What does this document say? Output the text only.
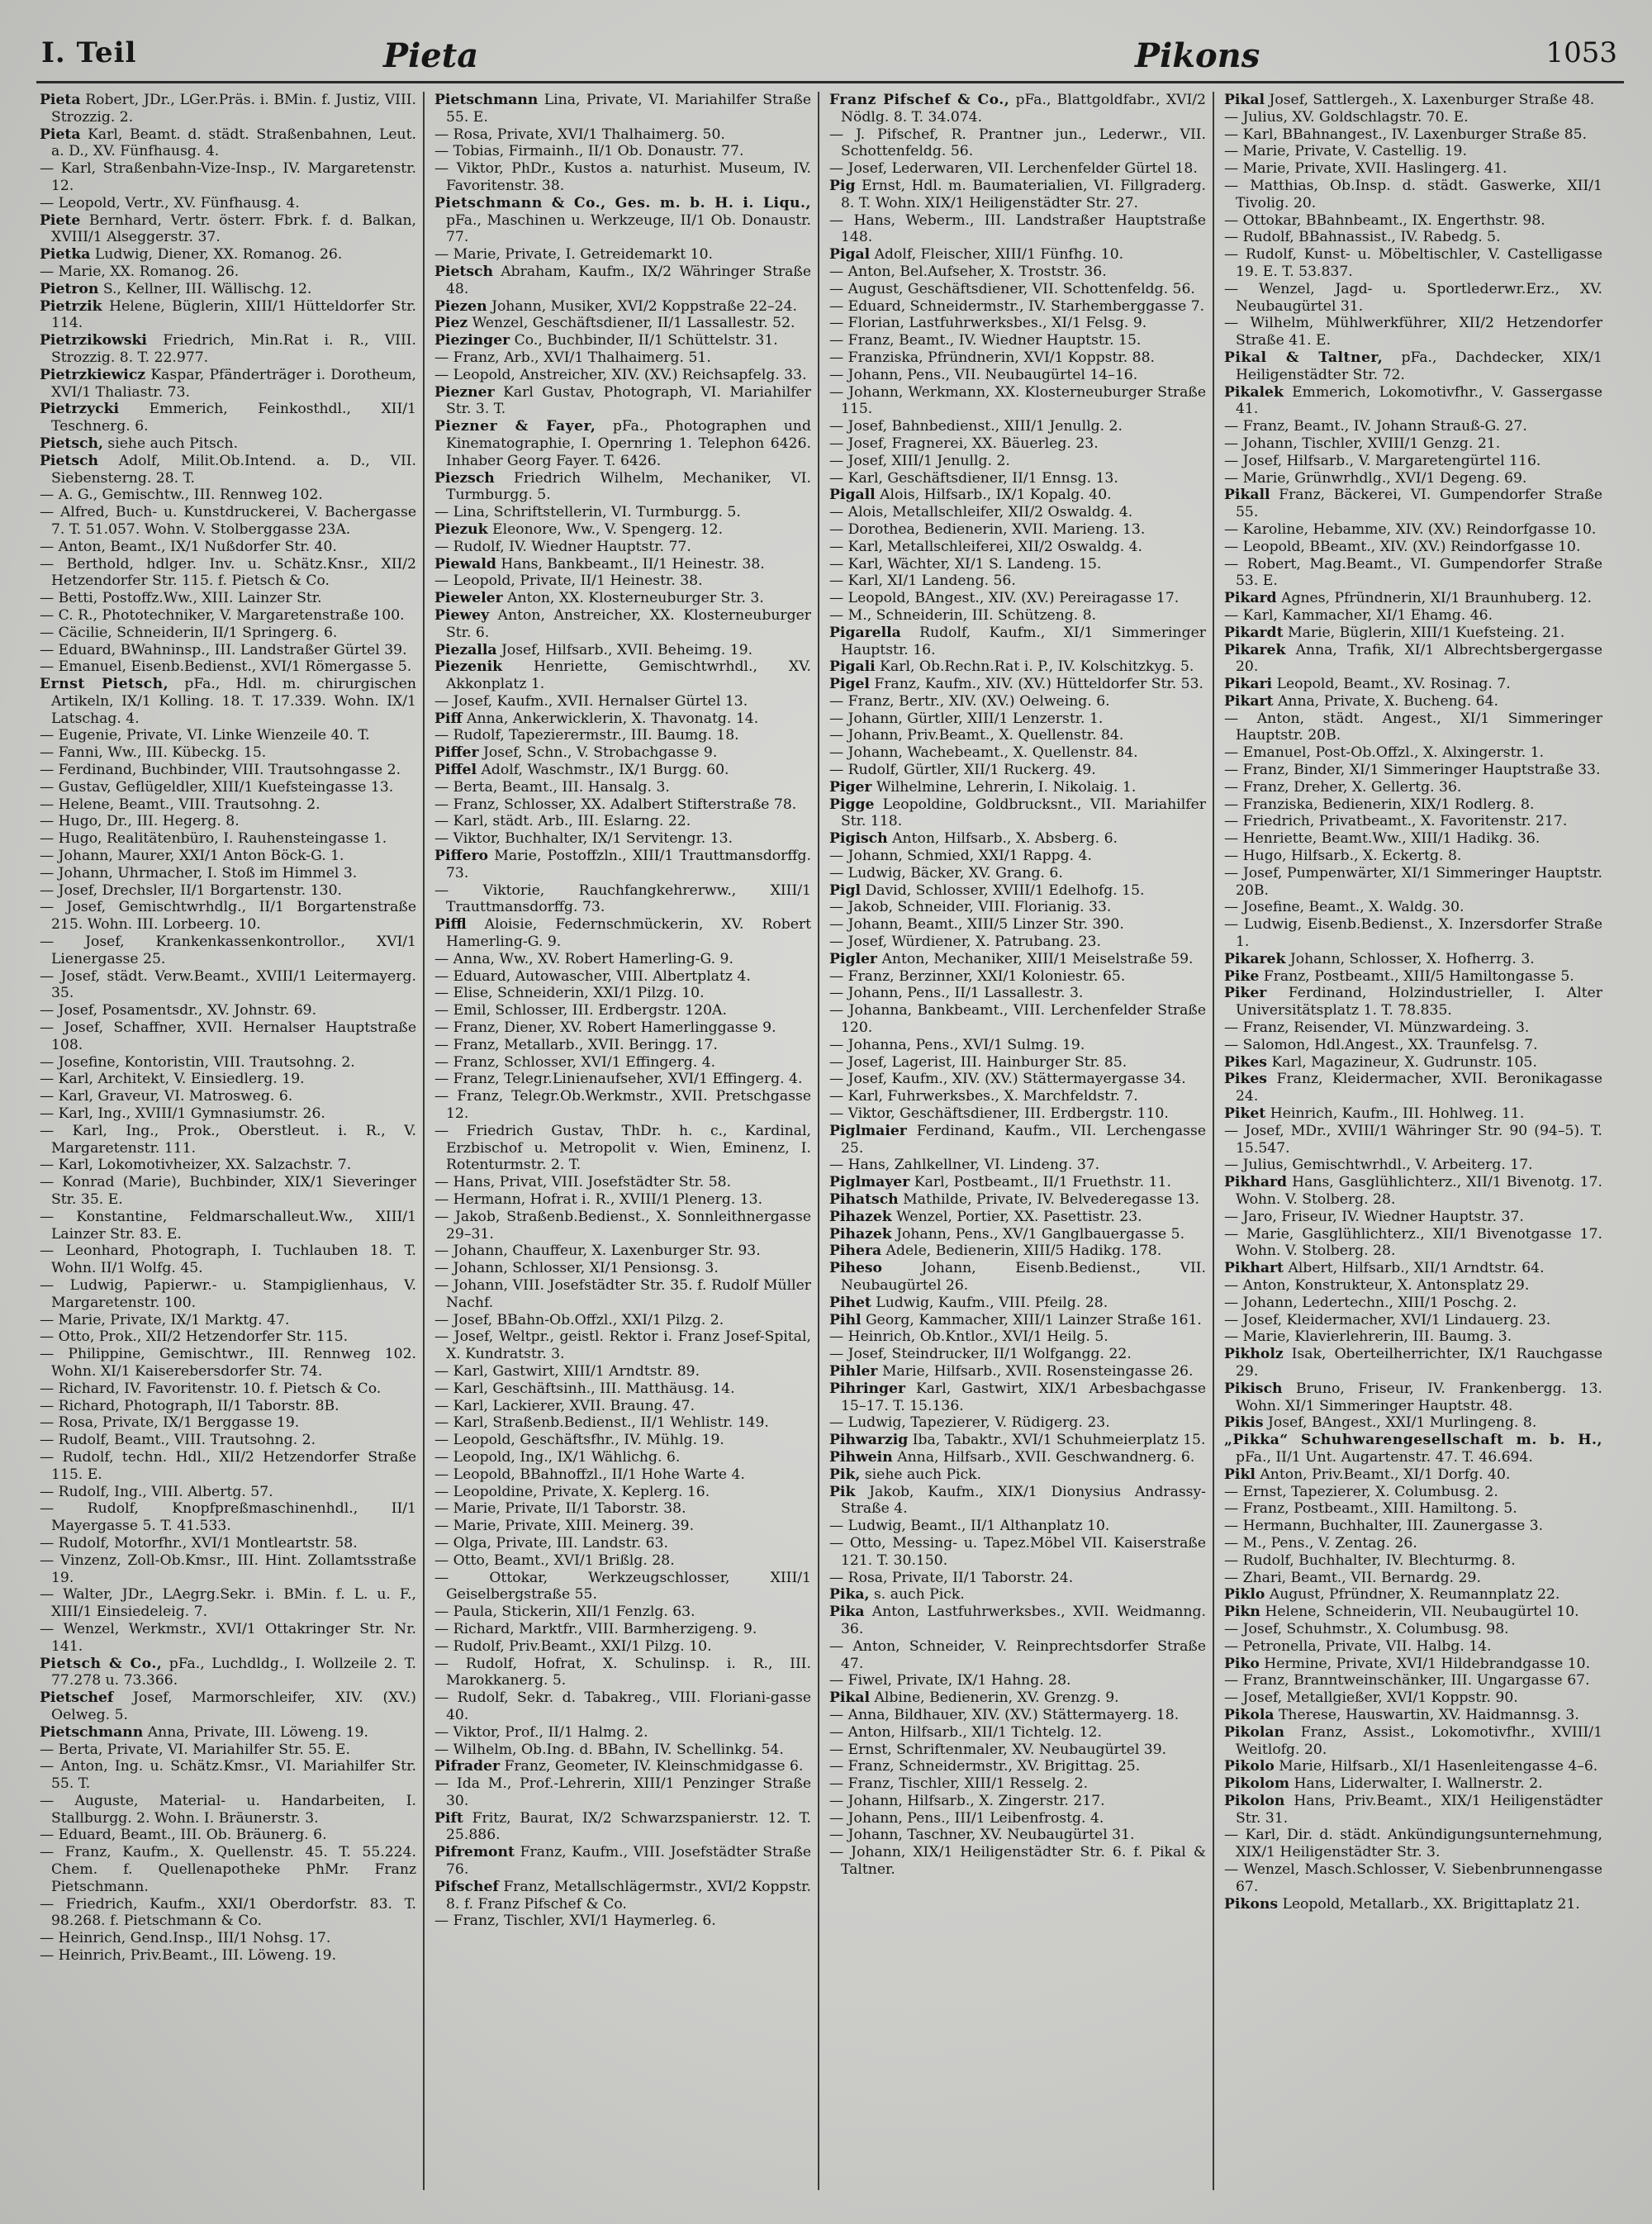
I. Teil	Pieta	Pikons	1053

Pieta Robert, JDr., LGer.Präs. i. BMin. f. Justiz, VIII. Strozzig. 2.

Pieta Karl, Beamt. d. städt. Straßenbahnen, Leut. a. D., XV. Fünfhausg. 4.

— Karl, Straßenbahn-Vize-Insp., IV. Margaretenstr. 12.

— Leopold, Vertr., XV. Fünfhausg. 4.

Piete Bernhard, Vertr. österr. Fbrk. f. d. Balkan, XVIII/1 Alseggerstr. 37.

Pietka Ludwig, Diener, XX. Romanog. 26.

— Marie, XX. Romanog. 26.

Pietron S., Kellner, III. Wällischg. 12.

Pietrzik Helene, Büglerin, XIII/1 Hütteldorfer Str. 114.

Pietrzikowski Friedrich, Min.Rat i. R., VIII. Strozzig. 8. T. 22.977.

Pietrzkiewicz Kaspar, Pfänderträger i. Dorotheum, XVI/1 Thaliastr. 73.

Pietrzycki Emmerich, Feinkosthdl., XII/1 Teschnerg. 6.

Pietsch, siehe auch Pitsch.

Pietsch Adolf, Milit.Ob.Intend. a. D., VII. Siebensterng. 28. T.

— A. G., Gemischtw., III. Rennweg 102.

— Alfred, Buch- u. Kunstdruckerei, V. Bachergasse 7. T. 51.057. Wohn. V. Stolberggasse 23A.

— Anton, Beamt., IX/1 Nußdorfer Str. 40.

— Berthold, hdlger. Inv. u. Schätz.Knsr., XII/2 Hetzendorfer Str. 115. f. Pietsch & Co.

— Betti, Postoffz.Ww., XIII. Lainzer Str.

— C. R., Phototechniker, V. Margaretenstraße 100.

— Cäcilie, Schneiderin, II/1 Springerg. 6.

— Eduard, BWahninsp., III. Landstraßer Gürtel 39.

— Emanuel, Eisenb.Bedienst., XVI/1 Römergasse 5.

Ernst Pietsch, pFa., Hdl. m. chirurgischen Artikeln, IX/1 Kolling. 18. T. 17.339. Wohn. IX/1 Latschag. 4.

— Eugenie, Private, VI. Linke Wienzeile 40. T.

— Fanni, Ww., III. Kübeckg. 15.

— Ferdinand, Buchbinder, VIII. Trautsohngasse 2.

— Gustav, Geflügeldler, XIII/1 Kuefsteingasse 13.

— Helene, Beamt., VIII. Trautsohng. 2.

— Hugo, Dr., III. Hegerg. 8.

— Hugo, Realitätenbüro, I. Rauhensteingasse 1.

— Johann, Maurer, XXI/1 Anton Böck-G. 1.

— Johann, Uhrmacher, I. Stoß im Himmel 3.

— Josef, Drechsler, II/1 Borgartenstr. 130.

— Josef, Gemischtwrhdlg., II/1 Borgartenstraße 215. Wohn. III. Lorbeerg. 10.

— Josef, Krankenkassenkontrollor., XVI/1 Lienergasse 25.

— Josef, städt. Verw.Beamt., XVIII/1 Leitermayerg. 35.

— Josef, Posamentsdr., XV. Johnstr. 69.

— Josef, Schaffner, XVII. Hernalser Hauptstraße 108.

— Josefine, Kontoristin, VIII. Trautsohng. 2.

— Karl, Architekt, V. Einsiedlerg. 19.

— Karl, Graveur, VI. Matrosweg. 6.

— Karl, Ing., XVIII/1 Gymnasiumstr. 26.

— Karl, Ing., Prok., Oberstleut. i. R., V. Margaretenstr. 111.

— Karl, Lokomotivheizer, XX. Salzachstr. 7.

— Konrad (Marie), Buchbinder, XIX/1 Sieveringer Str. 35. E.

— Konstantine, Feldmarschalleut.Ww., XIII/1 Lainzer Str. 83. E.

— Leonhard, Photograph, I. Tuchlauben 18. T. Wohn. II/1 Wolfg. 45.

— Ludwig, Papierwr.- u. Stampiglienhaus, V. Margaretenstr. 100.

— Marie, Private, IX/1 Marktg. 47.

— Otto, Prok., XII/2 Hetzendorfer Str. 115.

— Philippine, Gemischtwr., III. Rennweg 102. Wohn. XI/1 Kaiserebersdorfer Str. 74.

— Richard, IV. Favoritenstr. 10. f. Pietsch & Co.

— Richard, Photograph, II/1 Taborstr. 8B.

— Rosa, Private, IX/1 Berggasse 19.

— Rudolf, Beamt., VIII. Trautsohng. 2.

— Rudolf, techn. Hdl., XII/2 Hetzendorfer Straße 115. E.

— Rudolf, Ing., VIII. Albertg. 57.

— Rudolf, Knopfpreßmaschinenhdl., II/1 Mayergasse 5. T. 41.533.

— Rudolf, Motorfhr., XVI/1 Montleartstr. 58.

— Vinzenz, Zoll-Ob.Kmsr., III. Hint. Zollamtsstraße 19.

— Walter, JDr., LAegrg.Sekr. i. BMin. f. L. u. F., XIII/1 Einsiedeleig. 7.

— Wenzel, Werkmstr., XVI/1 Ottakringer Str. Nr. 141.

Pietsch & Co., pFa., Luchdldg., I. Wollzeile 2. T. 77.278 u. 73.366.

Pietschef Josef, Marmorschleifer, XIV. (XV.) Oelweg. 5.

Pietschmann Anna, Private, III. Löweng. 19.

— Berta, Private, VI. Mariahilfer Str. 55. E.

— Anton, Ing. u. Schätz.Kmsr., VI. Mariahilfer Str. 55. T.

— Auguste, Material- u. Handarbeiten, I. Stallburgg. 2. Wohn. I. Bräunerstr. 3.

— Eduard, Beamt., III. Ob. Bräunerg. 6.

— Franz, Kaufm., X. Quellenstr. 45. T. 55.224. Chem. f. Quellenapotheke PhMr. Franz Pietschmann.

— Friedrich, Kaufm., XXI/1 Oberdorfstr. 83. T. 98.268. f. Pietschmann & Co.

— Heinrich, Gend.Insp., III/1 Nohsg. 17.

— Heinrich, Priv.Beamt., III. Löweng. 19.

Pietschmann Lina, Private, VI. Mariahilfer Straße 55. E.

— Rosa, Private, XVI/1 Thalhaimerg. 50.

— Tobias, Firmainh., II/1 Ob. Donaustr. 77.

— Viktor, PhDr., Kustos a. naturhist. Museum, IV. Favoritenstr. 38.

Pietschmann & Co., Ges. m. b. H. i. Liqu., pFa., Maschinen u. Werkzeuge, II/1 Ob. Donaustr. 77.

— Marie, Private, I. Getreidemarkt 10.

Pietsch Abraham, Kaufm., IX/2 Währinger Straße 48.

Piezen Johann, Musiker, XVI/2 Koppstraße 22–24.

Piez Wenzel, Geschäftsdiener, II/1 Lassallestr. 52.

Piezinger Co., Buchbinder, II/1 Schüttelstr. 31.

— Franz, Arb., XVI/1 Thalhaimerg. 51.

— Leopold, Anstreicher, XIV. (XV.) Reichsapfelg. 33.

Piezner Karl Gustav, Photograph, VI. Mariahilfer Str. 3. T.

Piezner & Fayer, pFa., Photographen und Kinematographie, I. Opernring 1. Telephon 6426. Inhaber Georg Fayer. T. 6426.

Piezsch Friedrich Wilhelm, Mechaniker, VI. Turmburgg. 5.

— Lina, Schriftstellerin, VI. Turmburgg. 5.

Piezuk Eleonore, Ww., V. Spengerg. 12.

— Rudolf, IV. Wiedner Hauptstr. 77.

Piewald Hans, Bankbeamt., II/1 Heinestr. 38.

— Leopold, Private, II/1 Heinestr. 38.

Pieweler Anton, XX. Klosterneuburger Str. 3.

Piewey Anton, Anstreicher, XX. Klosterneuburger Str. 6.

Piezalla Josef, Hilfsarb., XVII. Beheimg. 19.

Piezenik Henriette, Gemischtwrhdl., XV. Akkonplatz 1.

— Josef, Kaufm., XVII. Hernalser Gürtel 13.

Piff Anna, Ankerwicklerin, X. Thavonatg. 14.

— Rudolf, Tapezierermstr., III. Baumg. 18.

Piffer Josef, Schn., V. Strobachgasse 9.

Piffel Adolf, Waschmstr., IX/1 Burgg. 60.

— Berta, Beamt., III. Hansalg. 3.

— Franz, Schlosser, XX. Adalbert Stifterstraße 78.

— Karl, städt. Arb., III. Eslarng. 22.

— Viktor, Buchhalter, IX/1 Servitengr. 13.

Piffero Marie, Postoffzln., XIII/1 Trauttmansdorffg. 73.

— Viktorie, Rauchfangkehrerww., XIII/1 Trauttmansdorffg. 73.

Piffl Aloisie, Federnschmückerin, XV. Robert Hamerling-G. 9.

— Anna, Ww., XV. Robert Hamerling-G. 9.

— Eduard, Autowascher, VIII. Albertplatz 4.

— Elise, Schneiderin, XXI/1 Pilzg. 10.

— Emil, Schlosser, III. Erdbergstr. 120A.

— Franz, Diener, XV. Robert Hamerlinggasse 9.

— Franz, Metallarb., XVII. Beringg. 17.

— Franz, Schlosser, XVI/1 Effingerg. 4.

— Franz, Telegr.Linienaufseher, XVI/1 Effingerg. 4.

— Franz, Telegr.Ob.Werkmstr., XVII. Pretschgasse 12.

— Friedrich Gustav, ThDr. h. c., Kardinal, Erzbischof u. Metropolit v. Wien, Eminenz, I. Rotenturmstr. 2. T.

— Hans, Privat, VIII. Josefstädter Str. 58.

— Hermann, Hofrat i. R., XVIII/1 Plenerg. 13.

— Jakob, Straßenb.Bedienst., X. Sonnleithnergasse 29–31.

— Johann, Chauffeur, X. Laxenburger Str. 93.

— Johann, Schlosser, XI/1 Pensionsg. 3.

— Johann, VIII. Josefstädter Str. 35. f. Rudolf Müller Nachf.

— Josef, BBahn-Ob.Offzl., XXI/1 Pilzg. 2.

— Josef, Weltpr., geistl. Rektor i. Franz Josef-Spital, X. Kundratstr. 3.

— Karl, Gastwirt, XIII/1 Arndtstr. 89.

— Karl, Geschäftsinh., III. Matthäusg. 14.

— Karl, Lackierer, XVII. Braung. 47.

— Karl, Straßenb.Bedienst., II/1 Wehlistr. 149.

— Leopold, Geschäftsfhr., IV. Mühlg. 19.

— Leopold, Ing., IX/1 Wählichg. 6.

— Leopold, BBahnoffzl., II/1 Hohe Warte 4.

— Leopoldine, Private, X. Keplerg. 16.

— Marie, Private, II/1 Taborstr. 38.

— Marie, Private, XIII. Meinerg. 39.

— Olga, Private, III. Landstr. 63.

— Otto, Beamt., XVI/1 Brißlg. 28.

— Ottokar, Werkzeugschlosser, XIII/1 Geiselbergstraße 55.

— Paula, Stickerin, XII/1 Fenzlg. 63.

— Richard, Marktfr., VIII. Barmherzigeng. 9.

— Rudolf, Priv.Beamt., XXI/1 Pilzg. 10.

— Rudolf, Hofrat, X. Schulinsp. i. R., III. Marokkanerg. 5.

— Rudolf, Sekr. d. Tabakreg., VIII. Floriani-gasse 40.

— Viktor, Prof., II/1 Halmg. 2.

— Wilhelm, Ob.Ing. d. BBahn, IV. Schellinkg. 54.

Pifrader Franz, Geometer, IV. Kleinschmidgasse 6.

— Ida M., Prof.-Lehrerin, XIII/1 Penzinger Straße 30.

Pift Fritz, Baurat, IX/2 Schwarzspanierstr. 12. T. 25.886.

Pifremont Franz, Kaufm., VIII. Josefstädter Straße 76.

Pifschef Franz, Metallschlägermstr., XVI/2 Koppstr. 8. f. Franz Pifschef & Co.

— Franz, Tischler, XVI/1 Haymerleg. 6.

Franz Pifschef & Co., pFa., Blattgoldfabr., XVI/2 Nödlg. 8. T. 34.074.

— J. Pifschef, R. Prantner jun., Lederwr., VII. Schottenfeldg. 56.

— Josef, Lederwaren, VII. Lerchenfelder Gürtel 18.

Pig Ernst, Hdl. m. Baumaterialien, VI. Fillgraderg. 8. T. Wohn. XIX/1 Heiligenstädter Str. 27.

— Hans, Weberm., III. Landstraßer Hauptstraße 148.

Pigal Adolf, Fleischer, XIII/1 Fünfhg. 10.

— Anton, Bel.Aufseher, X. Troststr. 36.

— August, Geschäftsdiener, VII. Schottenfeldg. 56.

— Eduard, Schneidermstr., IV. Starhemberggasse 7.

— Florian, Lastfuhrwerksbes., XI/1 Felsg. 9.

— Franz, Beamt., IV. Wiedner Hauptstr. 15.

— Franziska, Pfründnerin, XVI/1 Koppstr. 88.

— Johann, Pens., VII. Neubaugürtel 14–16.

— Johann, Werkmann, XX. Klosterneuburger Straße 115.

— Josef, Bahnbedienst., XIII/1 Jenullg. 2.

— Josef, Fragnerei, XX. Bäuerleg. 23.

— Josef, XIII/1 Jenullg. 2.

— Karl, Geschäftsdiener, II/1 Ennsg. 13.

Pigall Alois, Hilfsarb., IX/1 Kopalg. 40.

— Alois, Metallschleifer, XII/2 Oswaldg. 4.

— Dorothea, Bedienerin, XVII. Marieng. 13.

— Karl, Metallschleiferei, XII/2 Oswaldg. 4.

— Karl, Wächter, XI/1 S. Landeng. 15.

— Karl, XI/1 Landeng. 56.

— Leopold, BAngest., XIV. (XV.) Pereiragasse 17.

— M., Schneiderin, III. Schützeng. 8.

Pigarella Rudolf, Kaufm., XI/1 Simmeringer Hauptstr. 16.

Pigali Karl, Ob.Rechn.Rat i. P., IV. Kolschitzkyg. 5.

Pigel Franz, Kaufm., XIV. (XV.) Hütteldorfer Str. 53.

— Franz, Bertr., XIV. (XV.) Oelweing. 6.

— Johann, Gürtler, XIII/1 Lenzerstr. 1.

— Johann, Priv.Beamt., X. Quellenstr. 84.

— Johann, Wachebeamt., X. Quellenstr. 84.

— Rudolf, Gürtler, XII/1 Ruckerg. 49.

Piger Wilhelmine, Lehrerin, I. Nikolaig. 1.

Pigge Leopoldine, Goldbrucksnt., VII. Mariahilfer Str. 118.

Pigisch Anton, Hilfsarb., X. Absberg. 6.

— Johann, Schmied, XXI/1 Rappg. 4.

— Ludwig, Bäcker, XV. Grang. 6.

Pigl David, Schlosser, XVIII/1 Edelhofg. 15.

— Jakob, Schneider, VIII. Florianig. 33.

— Johann, Beamt., XIII/5 Linzer Str. 390.

— Josef, Würdiener, X. Patrubang. 23.

Pigler Anton, Mechaniker, XIII/1 Meiselstraße 59.

— Franz, Berzinner, XXI/1 Koloniestr. 65.

— Johann, Pens., II/1 Lassallestr. 3.

— Johanna, Bankbeamt., VIII. Lerchenfelder Straße 120.

— Johanna, Pens., XVI/1 Sulmg. 19.

— Josef, Lagerist, III. Hainburger Str. 85.

— Josef, Kaufm., XIV. (XV.) Stättermayergasse 34.

— Karl, Fuhrwerksbes., X. Marchfeldstr. 7.

— Viktor, Geschäftsdiener, III. Erdbergstr. 110.

Piglmaier Ferdinand, Kaufm., VII. Lerchengasse 25.

— Hans, Zahlkellner, VI. Lindeng. 37.

Piglmayer Karl, Postbeamt., II/1 Fruethstr. 11.

Pihatsch Mathilde, Private, IV. Belvederegasse 13.

Pihazek Wenzel, Portier, XX. Pasettistr. 23.

Pihazek Johann, Pens., XV/1 Ganglbauergasse 5.

Pihera Adele, Bedienerin, XIII/5 Hadikg. 178.

Piheso	Johann, Eisenb.Bedienst., VII. Neubaugürtel 26.

Pihet Ludwig, Kaufm., VIII. Pfeilg. 28.

Pihl Georg, Kammacher, XIII/1 Lainzer Straße 161.

— Heinrich, Ob.Kntlor., XVI/1 Heilg. 5.

— Josef, Steindrucker, II/1 Wolfgangg. 22.

Pihler Marie, Hilfsarb., XVII. Rosensteingasse 26.

Pihringer Karl, Gastwirt, XIX/1 Arbesbachgasse 15–17. T. 15.136.

— Ludwig, Tapezierer, V. Rüdigerg. 23.

Pihwarzig Iba, Tabaktr., XVI/1 Schuhmeierplatz 15.

Pihwein Anna, Hilfsarb., XVII. Geschwandnerg. 6.

Pik, siehe auch Pick.

Pik Jakob, Kaufm., XIX/1 Dionysius Andrassy-Straße 4.

— Ludwig, Beamt., II/1 Althanplatz 10.

— Otto, Messing- u. Tapez.Möbel VII. Kaiserstraße 121. T. 30.150.

— Rosa, Private, II/1 Taborstr. 24.

Pika, s. auch Pick.

Pika Anton, Lastfuhrwerksbes., XVII. Weidmanng. 36.

— Anton, Schneider, V. Reinprechtsdorfer Straße 47.

— Fiwel, Private, IX/1 Hahng. 28.

Pikal Albine, Bedienerin, XV. Grenzg. 9.

— Anna, Bildhauer, XIV. (XV.) Stättermayerg. 18.

— Anton, Hilfsarb., XII/1 Tichtelg. 12.

— Ernst, Schriftenmaler, XV. Neubaugürtel 39.

— Franz, Schneidermstr., XV. Brigittag. 25.

— Franz, Tischler, XIII/1 Resselg. 2.

— Johann, Hilfsarb., X. Zingerstr. 217.

— Johann, Pens., III/1 Leibenfrostg. 4.

— Johann, Taschner, XV. Neubaugürtel 31.

— Johann, XIX/1 Heiligenstädter Str. 6. f. Pikal & Taltner.

Pikal Josef, Sattlergeh., X. Laxenburger Straße 48.

— Julius, XV. Goldschlagstr. 70. E.

— Karl, BBahnangest., IV. Laxenburger Straße 85.

— Marie, Private, V. Castellig. 19.

— Marie, Private, XVII. Haslingerg. 41.

— Matthias, Ob.Insp. d. städt. Gaswerke, XII/1 Tivolig. 20.

— Ottokar, BBahnbeamt., IX. Engerthstr. 98.

— Rudolf, BBahnassist., IV. Rabedg. 5.

— Rudolf, Kunst- u. Möbeltischler, V. Castelligasse 19. E. T. 53.837.

— Wenzel, Jagd- u. Sportlederwr.Erz., XV. Neubaugürtel 31.

— Wilhelm, Mühlwerkführer, XII/2 Hetzendorfer Straße 41. E.

Pikal & Taltner, pFa., Dachdecker, XIX/1 Heiligenstädter Str. 72.

Pikalek Emmerich, Lokomotivfhr., V. Gassergasse 41.

— Franz, Beamt., IV. Johann Strauß-G. 27.

— Johann, Tischler, XVIII/1 Genzg. 21.

— Josef, Hilfsarb., V. Margaretengürtel 116.

— Marie, Grünwrhdlg., XVI/1 Degeng. 69.

Pikall Franz, Bäckerei, VI. Gumpendorfer Straße 55.

— Karoline, Hebamme, XIV. (XV.) Reindorfgasse 10.

— Leopold, BBeamt., XIV. (XV.) Reindorfgasse 10.

— Robert, Mag.Beamt., VI. Gumpendorfer Straße 53. E.

Pikard Agnes, Pfründnerin, XI/1 Braunhuberg. 12.

— Karl, Kammacher, XI/1 Ehamg. 46.

Pikardt Marie, Büglerin, XIII/1 Kuefsteing. 21.

Pikarek Anna, Trafik, XI/1 Albrechtsbergergasse 20.

Pikari Leopold, Beamt., XV. Rosinag. 7.

Pikart Anna, Private, X. Bucheng. 64.

— Anton, städt. Angest., XI/1 Simmeringer Hauptstr. 20B.

— Emanuel, Post-Ob.Offzl., X. Alxingerstr. 1.

— Franz, Binder, XI/1 Simmeringer Hauptstraße 33.

— Franz, Dreher, X. Gellertg. 36.

— Franziska, Bedienerin, XIX/1 Rodlerg. 8.

— Friedrich, Privatbeamt., X. Favoritenstr. 217.

— Henriette, Beamt.Ww., XIII/1 Hadikg. 36.

— Hugo, Hilfsarb., X. Eckertg. 8.

— Josef, Pumpenwärter, XI/1 Simmeringer Hauptstr. 20B.

— Josefine, Beamt., X. Waldg. 30.

— Ludwig, Eisenb.Bedienst., X. Inzersdorfer Straße 1.

Pikarek Johann, Schlosser, X. Hofherrg. 3.

Pike Franz, Postbeamt., XIII/5 Hamiltongasse 5.

Piker Ferdinand, Holzindustrieller, I. Alter Universitätsplatz 1. T. 78.835.

— Franz, Reisender, VI. Münzwardeing. 3.

— Salomon, Hdl.Angest., XX. Traunfelsg. 7.

Pikes Karl, Magazineur, X. Gudrunstr. 105.

Pikes Franz, Kleidermacher, XVII. Beronikagasse 24.

Piket Heinrich, Kaufm., III. Hohlweg. 11.

— Josef, MDr., XVIII/1 Währinger Str. 90 (94–5). T. 15.547.

— Julius, Gemischtwrhdl., V. Arbeiterg. 17.

Pikhard Hans, Gasglühlichterz., XII/1 Bivenotg. 17. Wohn. V. Stolberg. 28.

— Jaro, Friseur, IV. Wiedner Hauptstr. 37.

— Marie, Gasglühlichterz., XII/1 Bivenotgasse 17. Wohn. V. Stolberg. 28.

Pikhart Albert, Hilfsarb., XII/1 Arndtstr. 64.

— Anton, Konstrukteur, X. Antonsplatz 29.

— Johann, Ledertechn., XIII/1 Poschg. 2.

— Josef, Kleidermacher, XVI/1 Lindauerg. 23.

— Marie, Klavierlehrerin, III. Baumg. 3.

Pikholz Isak, Oberteilherrichter, IX/1 Rauchgasse 29.

Pikisch Bruno, Friseur, IV. Frankenbergg. 13. Wohn. XI/1 Simmeringer Hauptstr. 48.

Pikis Josef, BAngest., XXI/1 Murlingeng. 8.

„Pikka“ Schuhwarengesellschaft m. b. H., pFa., II/1 Unt. Augartenstr. 47. T. 46.694.

Pikl Anton, Priv.Beamt., XI/1 Dorfg. 40.

— Ernst, Tapezierer, X. Columbusg. 2.

— Franz, Postbeamt., XIII. Hamiltong. 5.

— Hermann, Buchhalter, III. Zaunergasse 3.

— M., Pens., V. Zentag. 26.

— Rudolf, Buchhalter, IV. Blechturmg. 8.

— Zhari, Beamt., VII. Bernardg. 29.

Piklo August, Pfründner, X. Reumannplatz 22.

Pikn Helene, Schneiderin, VII. Neubaugürtel 10.

— Josef, Schuhmstr., X. Columbusg. 98.

— Petronella, Private, VII. Halbg. 14.

Piko Hermine, Private, XVI/1 Hildebrandgasse 10.

— Franz, Branntweinschänker, III. Ungargasse 67.

— Josef, Metallgießer, XVI/1 Koppstr. 90.

Pikola Therese, Hauswartin, XV. Haidmannsg. 3.

Pikolan Franz, Assist., Lokomotivfhr., XVIII/1 Weitlofg. 20.

Pikolo Marie, Hilfsarb., XI/1 Hasenleitengasse 4–6.

Pikolom Hans, Liderwalter, I. Wallnerstr. 2.

Pikolon Hans, Priv.Beamt., XIX/1 Heiligenstädter Str. 31.

— Karl, Dir. d. städt. Ankündigungsunternehmung, XIX/1 Heiligenstädter Str. 3.

— Wenzel, Masch.Schlosser, V. Siebenbrunnengasse 67.

Pikons Leopold, Metallarb., XX. Brigittaplatz 21.
